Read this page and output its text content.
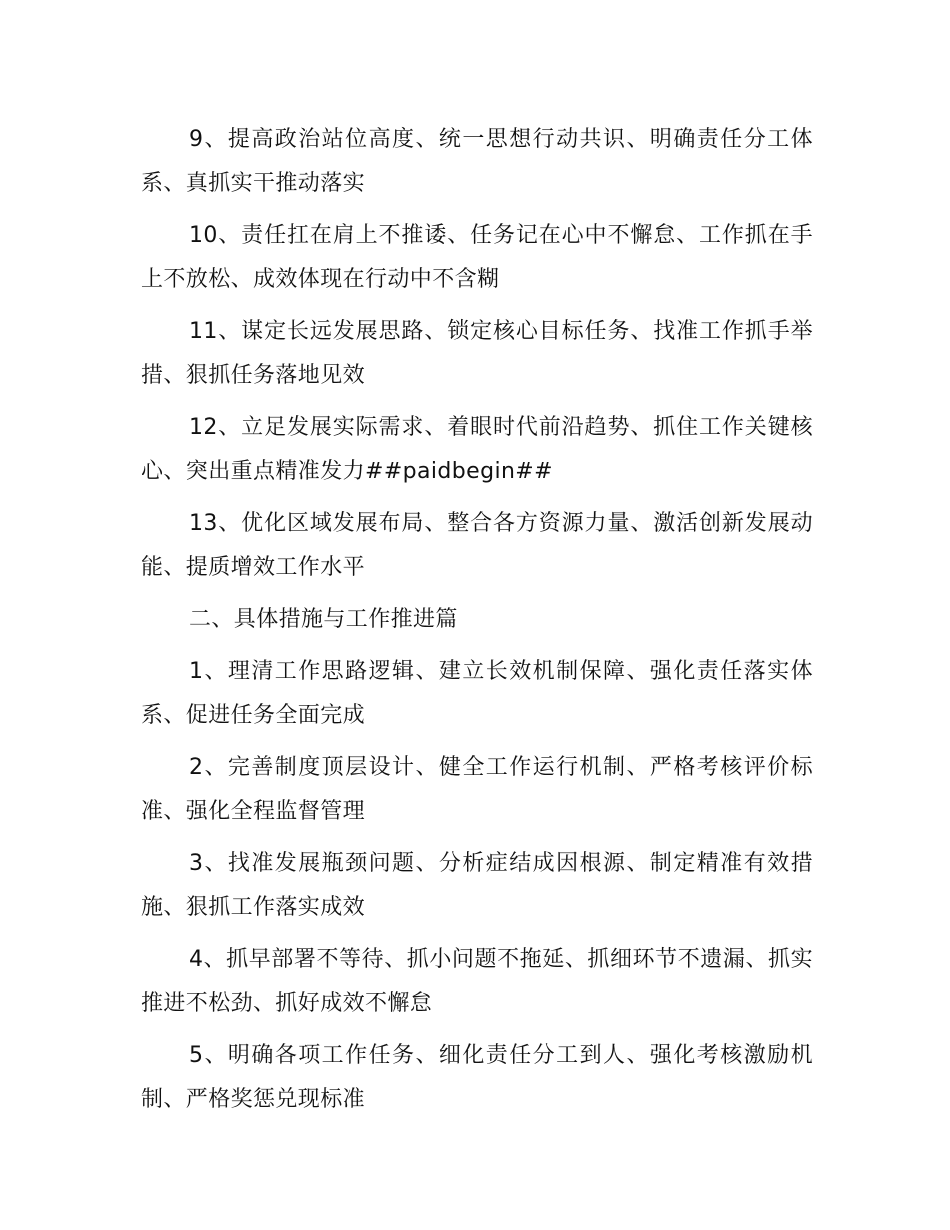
9、提高政治站位高度、统一思想行动共识、明确责任分工体系、真抓实干推动落实

10、责任扛在肩上不推诿、任务记在心中不懈怠、工作抓在手上不放松、成效体现在行动中不含糊

11、谋定长远发展思路、锁定核心目标任务、找准工作抓手举措、狠抓任务落地见效

12、立足发展实际需求、着眼时代前沿趋势、抓住工作关键核心、突出重点精准发力##paidbegin##

13、优化区域发展布局、整合各方资源力量、激活创新发展动能、提质增效工作水平

二、具体措施与工作推进篇

1、理清工作思路逻辑、建立长效机制保障、强化责任落实体系、促进任务全面完成

2、完善制度顶层设计、健全工作运行机制、严格考核评价标准、强化全程监督管理

3、找准发展瓶颈问题、分析症结成因根源、制定精准有效措施、狠抓工作落实成效

4、抓早部署不等待、抓小问题不拖延、抓细环节不遗漏、抓实推进不松劲、抓好成效不懈怠

5、明确各项工作任务、细化责任分工到人、强化考核激励机制、严格奖惩兑现标准
